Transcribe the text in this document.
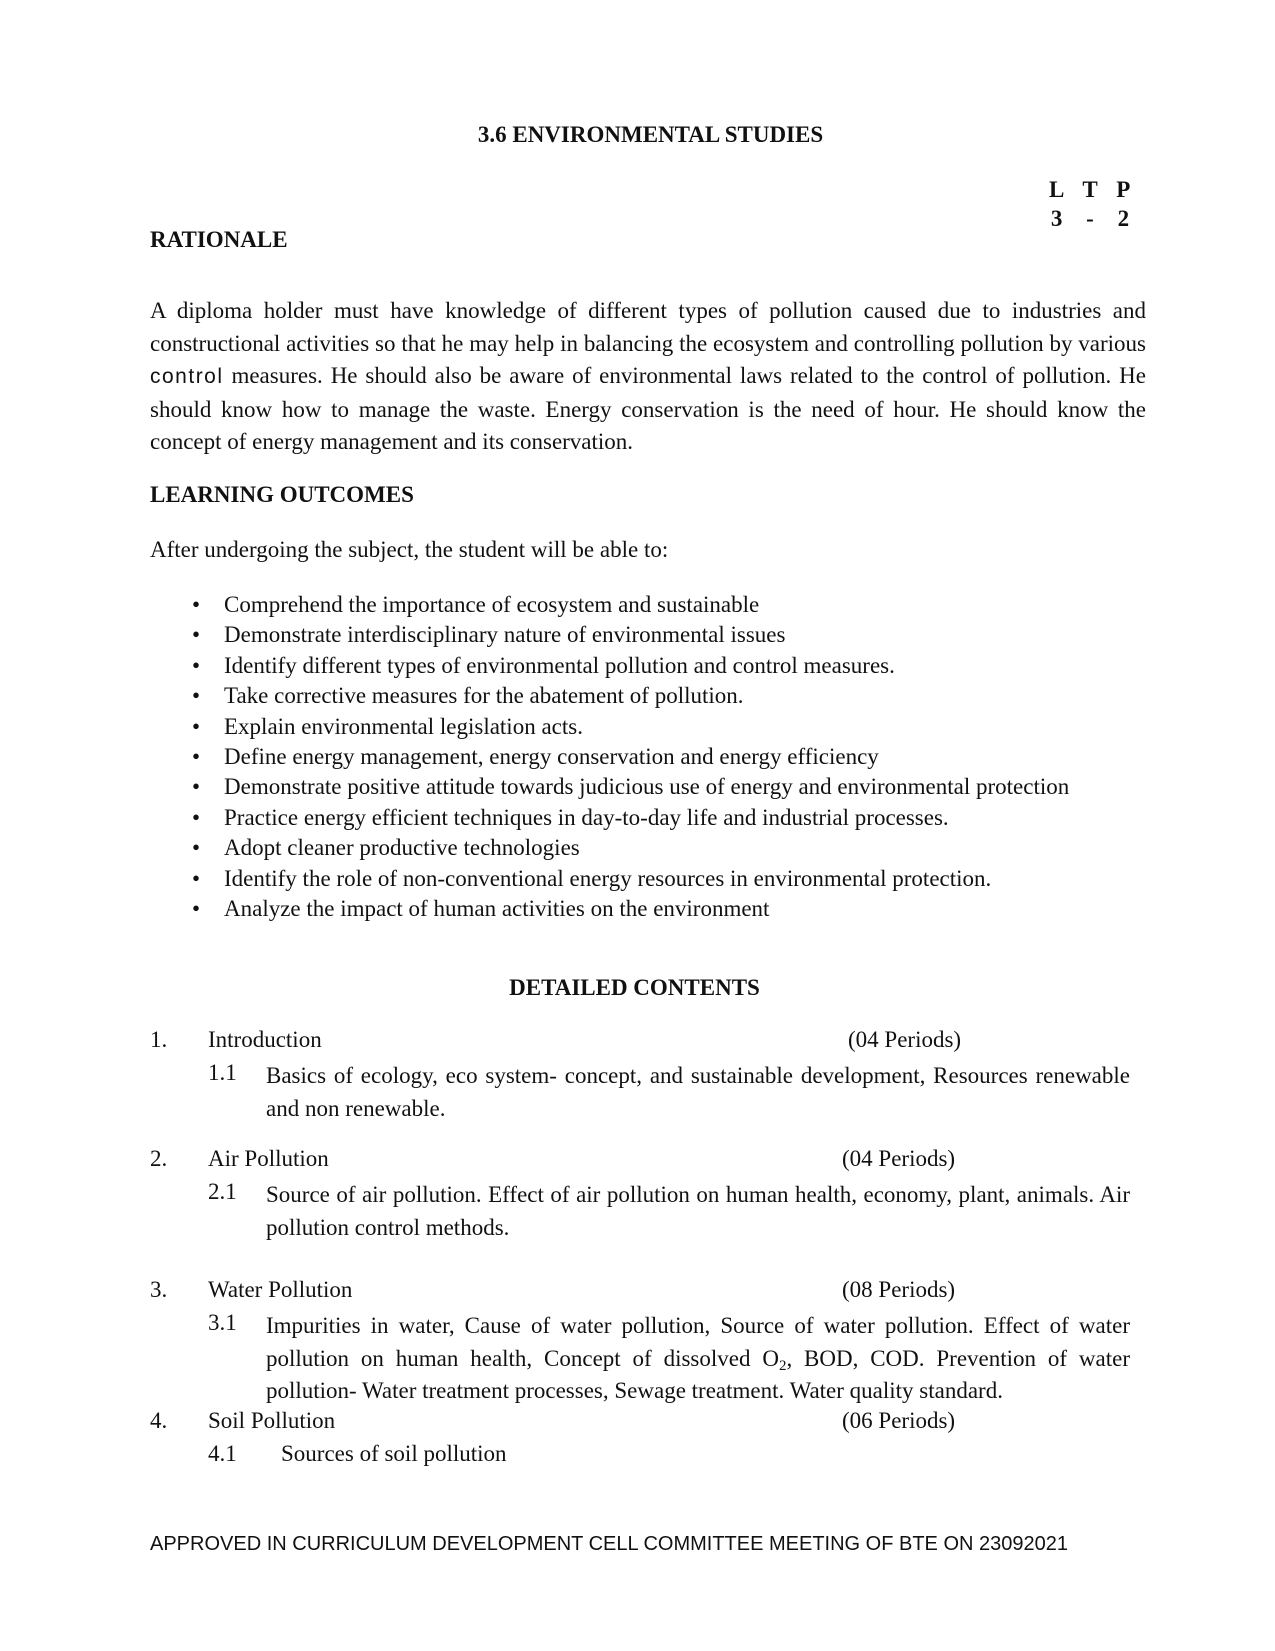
3.6 ENVIRONMENTAL STUDIES
L T P
3	-	2
RATIONALE
A diploma holder must have knowledge of different types of pollution caused due to industries and constructional activities so that he may help in balancing the ecosystem and controlling pollution by various control measures. He should also be aware of environmental laws related to the control of pollution. He should know how to manage the waste. Energy conservation is the need of hour. He should know the concept of energy management and its conservation.
LEARNING OUTCOMES
After undergoing the subject, the student will be able to:
• Comprehend the importance of ecosystem and sustainable
• Demonstrate interdisciplinary nature of environmental issues
• Identify different types of environmental pollution and control measures.
• Take corrective measures for the abatement of pollution.
• Explain environmental legislation acts.
• Define energy management, energy conservation and energy efficiency
• Demonstrate positive attitude towards judicious use of energy and environmental protection
• Practice energy efficient techniques in day-to-day life and industrial processes.
• Adopt cleaner productive technologies
• Identify the role of non-conventional energy resources in environmental protection.
• Analyze the impact of human activities on the environment
DETAILED CONTENTS
1. Introduction	(04 Periods)
1.1 Basics of ecology, eco system- concept, and sustainable development, Resources renewable and non renewable.
2. Air Pollution	(04 Periods)
2.1 Source of air pollution. Effect of air pollution on human health, economy, plant, animals. Air pollution control methods.
3. Water Pollution	(08 Periods)
3.1 Impurities in water, Cause of water pollution, Source of water pollution. Effect of water pollution on human health, Concept of dissolved $O_2$, BOD, COD. Prevention of water pollution- Water treatment processes, Sewage treatment. Water quality standard.
4. Soil Pollution	(06 Periods)
4.1 Sources of soil pollution
APPROVED IN CURRICULUM DEVELOPMENT CELL COMMITTEE MEETING OF BTE ON 23092021
